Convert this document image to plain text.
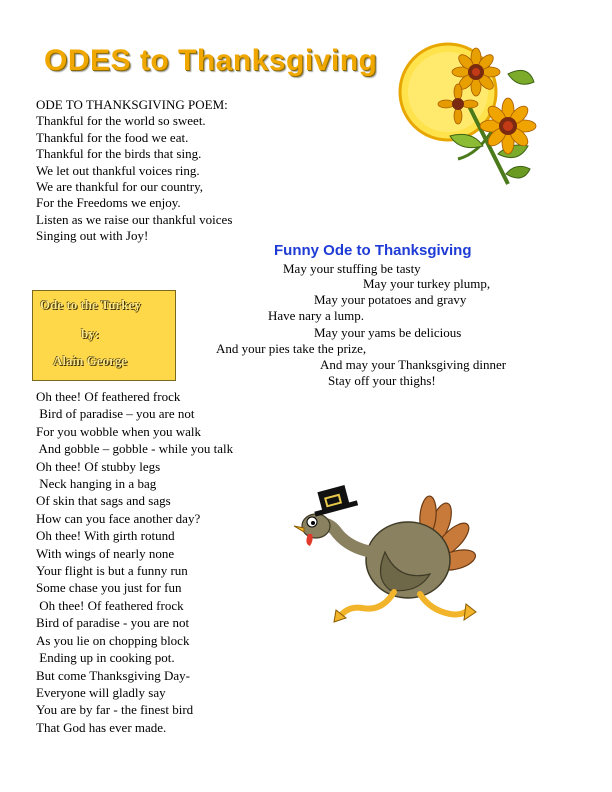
ODES to Thanksgiving
ODE TO THANKSGIVING POEM:
Thankful for the world so sweet.
Thankful for the food we eat.
Thankful for the birds that sing.
We let out thankful voices ring.
We are thankful for our country,
For the Freedoms we enjoy.
Listen as we raise our thankful voices
Singing out with Joy!
Funny Ode to Thanksgiving
May your stuffing be tasty
May your turkey plump,
May your potatoes and gravy
Have nary a lump.
May your yams be delicious
And your pies take the prize,
And may your Thanksgiving dinner
Stay off your thighs!
Ode to the Turkey
by:
Alain George
Oh thee! Of feathered frock
Bird of paradise – you are not
For you wobble when you walk
And gobble – gobble - while you talk
Oh thee! Of stubby legs
Neck hanging in a bag
Of skin that sags and sags
How can you face another day?
Oh thee! With girth rotund
With wings of nearly none
Your flight is but a funny run
Some chase you just for fun
Oh thee! Of feathered frock
Bird of paradise - you are not
As you lie on chopping block
Ending up in cooking pot.
But come Thanksgiving Day-
Everyone will gladly say
You are by far - the finest bird
That God has ever made.
